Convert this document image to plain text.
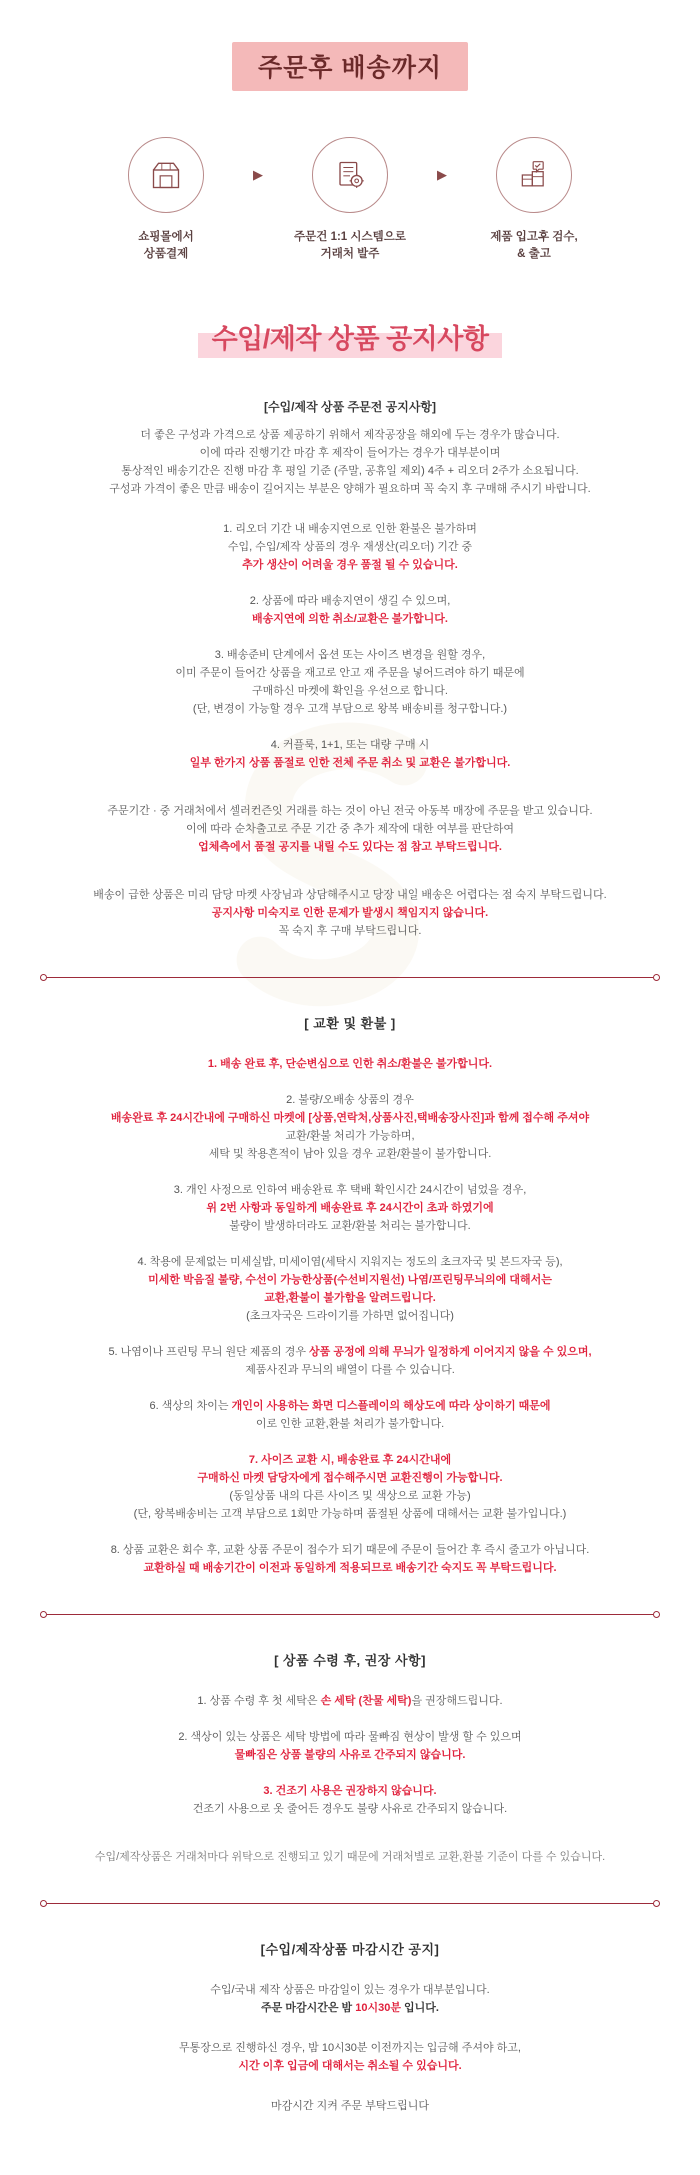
주문후 배송까지
쇼핑몰에서
상품결제
▶
주문건 1:1 시스템으로
거래처 발주
▶
제품 입고후 검수,
& 출고
수입/제작 상품 공지사항
[수입/제작 상품 주문전 공지사항]
더 좋은 구성과 가격으로 상품 제공하기 위해서 제작공장을 해외에 두는 경우가 많습니다.
이에 따라 진행기간 마감 후 제작이 들어가는 경우가 대부분이며
통상적인 배송기간은 진행 마감 후 평일 기준 (주말, 공휴일 제외) 4주 + 리오더 2주가 소요됩니다.
구성과 가격이 좋은 만큼 배송이 길어지는 부분은 양해가 필요하며 꼭 숙지 후 구매해 주시기 바랍니다.
1. 리오더 기간 내 배송지연으로 인한 환불은 불가하며
수입, 수입/제작 상품의 경우 재생산(리오더) 기간 중
추가 생산이 어려울 경우 품절 될 수 있습니다.
2. 상품에 따라 배송지연이 생길 수 있으며,
배송지연에 의한 취소/교환은 불가합니다.
3. 배송준비 단계에서 옵션 또는 사이즈 변경을 원할 경우,
이미 주문이 들어간 상품을 재고로 안고 재 주문을 넣어드려야 하기 때문에
구매하신 마켓에 확인을 우선으로 합니다.
(단, 변경이 가능할 경우 고객 부담으로 왕복 배송비를 청구합니다.)
4. 커플룩, 1+1, 또는 대량 구매 시
일부 한가지 상품 품절로 인한 전체 주문 취소 및 교환은 불가합니다.
주문기간 · 중 거래처에서 셀러컨즌잇 거래를 하는 것이 아닌 전국 아동복 매장에 주문을 받고 있습니다.
이에 따라 순차출고로 주문 기간 중 추가 제작에 대한 여부를 판단하여
업체측에서 품절 공지를 내릴 수도 있다는 점 참고 부탁드립니다.
배송이 급한 상품은 미리 담당 마켓 사장님과 상담해주시고 당장 내일 배송은 어렵다는 점 숙지 부탁드립니다.
공지사항 미숙지로 인한 문제가 발생시 책임지지 않습니다.
꼭 숙지 후 구매 부탁드립니다.
[ 교환 및 환불 ]
1. 배송 완료 후, 단순변심으로 인한 취소/환불은 불가합니다.
2. 불량/오배송 상품의 경우
배송완료 후 24시간내에 구매하신 마켓에 [상품,연락처,상품사진,택배송장사진]과 함께 접수해 주셔야
교환/환불 처리가 가능하며,
세탁 및 착용흔적이 남아 있을 경우 교환/환불이 불가합니다.
3. 개인 사정으로 인하여 배송완료 후 택배 확인시간 24시간이 넘었을 경우,
위 2번 사항과 동일하게 배송완료 후 24시간이 초과 하였기에
불량이 발생하더라도 교환/환불 처리는 불가합니다.
4. 착용에 문제없는 미세실밥, 미세이염(세탁시 지워지는 정도의 초크자국 및 본드자국 등),
미세한 박음질 불량, 수선이 가능한상품(수선비지원선) 나염/프린팅무늬의에 대해서는
교환,환불이 불가함을 알려드립니다.
(초크자국은 드라이기를 가하면 없어집니다)
5. 나염이나 프린팅 무늬 원단 제품의 경우 상품 공정에 의해 무늬가 일정하게 이어지지 않을 수 있으며,
제품사진과 무늬의 배열이 다를 수 있습니다.
6. 색상의 차이는 개인이 사용하는 화면 디스플레이의 해상도에 따라 상이하기 때문에
이로 인한 교환,환불 처리가 불가합니다.
7. 사이즈 교환 시, 배송완료 후 24시간내에
구매하신 마켓 담당자에게 접수해주시면 교환진행이 가능합니다.
(동일상품 내의 다른 사이즈 및 색상으로 교환 가능)
(단, 왕복배송비는 고객 부담으로 1회만 가능하며 품절된 상품에 대해서는 교환 불가입니다.)
8. 상품 교환은 회수 후, 교환 상품 주문이 접수가 되기 때문에 주문이 들어간 후 즉시 줄고가 아닙니다.
교환하실 때 배송기간이 이전과 동일하게 적용되므로 배송기간 숙지도 꼭 부탁드립니다.
[ 상품 수령 후, 권장 사항]
1. 상품 수령 후 첫 세탁은 손 세탁 (찬물 세탁)을 권장해드립니다.
2. 색상이 있는 상품은 세탁 방법에 따라 물빠짐 현상이 발생 할 수 있으며
물빠짐은 상품 불량의 사유로 간주되지 않습니다.
3. 건조기 사용은 권장하지 않습니다.
건조기 사용으로 옷 줄어든 경우도 불량 사유로 간주되지 않습니다.
수입/제작상품은 거래처마다 위탁으로 진행되고 있기 때문에 거래처별로 교환,환불 기준이 다를 수 있습니다.
[수입/제작상품 마감시간 공지]
수입/국내 제작 상품은 마감일이 있는 경우가 대부분입니다.
주문 마감시간은 밤 10시30분 입니다.
무통장으로 진행하신 경우, 밤 10시30분 이전까지는 입금해 주셔야 하고,
시간 이후 입금에 대해서는 취소될 수 있습니다.
마감시간 지켜 주문 부탁드립니다
